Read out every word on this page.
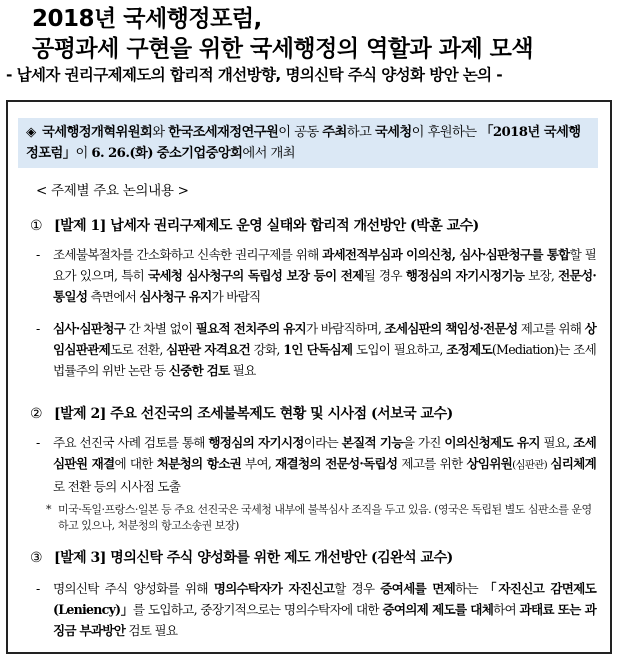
2018년 국세행정포럼,
공평과세 구현을 위한 국세행정의 역할과 과제 모색
- 납세자 권리구제제도의 합리적 개선방향, 명의신탁 주식 양성화 방안 논의 -
◈ 국세행정개혁위원회와 한국조세재정연구원이 공동 주최하고 국세청이 후원하는 「2018년 국세행정포럼」이 6. 26.(화) 중소기업중앙회에서 개최
< 주제별 주요 논의내용 >
① [발제 1] 납세자 권리구제제도 운영 실태와 합리적 개선방안 (박훈 교수)
-	조세불복절차를 간소화하고 신속한 권리구제를 위해 과세전적부심과 이의신청, 심사·심판청구를 통합할 필요가 있으며, 특히 국세청 심사청구의 독립성 보장 등이 전제될 경우 행정심의 자기시정기능 보장, 전문성·통일성 측면에서 심사청구 유지가 바람직
-	심사·심판청구 간 차별 없이 필요적 전치주의 유지가 바람직하며, 조세심판의 책임성·전문성 제고를 위해 상임심판관제도로 전환, 심판관 자격요건 강화, 1인 단독심제 도입이 필요하고, 조정제도(Mediation)는 조세법률주의 위반 논란 등 신중한 검토 필요
② [발제 2] 주요 선진국의 조세불복제도 현황 및 시사점 (서보국 교수)
-	주요 선진국 사례 검토를 통해 행정심의 자기시정이라는 본질적 기능을 가진 이의신청제도 유지 필요, 조세심판원 재결에 대한 처분청의 항소권 부여, 재결청의 전문성·독립성 제고를 위한 상임위원(심판관) 심리체계로 전환 등의 시사점 도출
* 미국·독일·프랑스·일본 등 주요 선진국은 국세청 내부에 불복심사 조직을 두고 있음. (영국은 독립된 별도 심판소를 운영하고 있으나, 처분청의 항고소송권 보장)
③ [발제 3] 명의신탁 주식 양성화를 위한 제도 개선방안 (김완석 교수)
-	명의신탁 주식 양성화를 위해 명의수탁자가 자진신고할 경우 증여세를 면제하는 「자진신고 감면제도(Leniency)」를 도입하고, 중장기적으로는 명의수탁자에 대한 증여의제 제도를 대체하여 과태료 또는 과징금 부과방안 검토 필요
